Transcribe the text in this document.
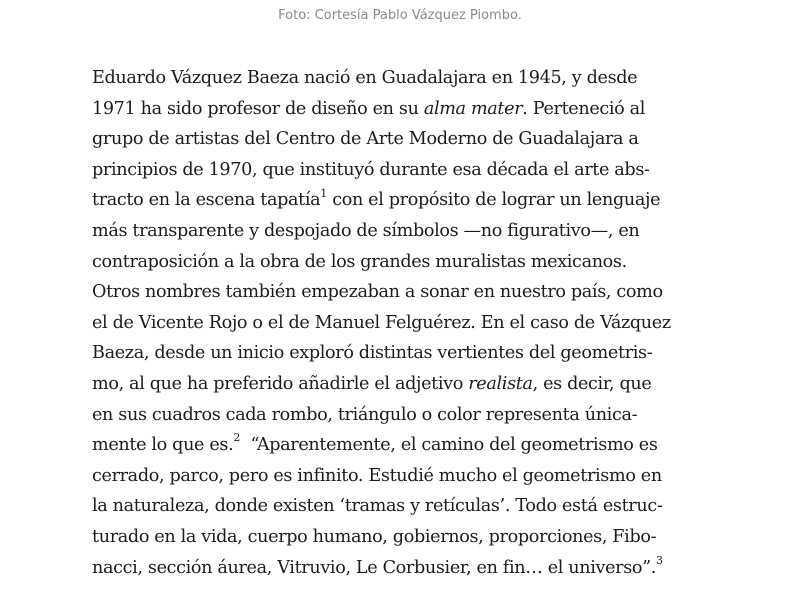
Foto: Cortesía Pablo Vázquez Piombo.
Eduardo Vázquez Baeza nació en Guadalajara en 1945, y desde
1971 ha sido profesor de diseño en su alma mater. Perteneció al
grupo de artistas del Centro de Arte Moderno de Guadalajara a
principios de 1970, que instituyó durante esa década el arte abs-
tracto en la escena tapatía$^1$ con el propósito de lograr un lenguaje
más transparente y despojado de símbolos —no figurativo—, en
contraposición a la obra de los grandes muralistas mexicanos.
Otros nombres también empezaban a sonar en nuestro país, como
el de Vicente Rojo o el de Manuel Felguérez. En el caso de Vázquez
Baeza, desde un inicio exploró distintas vertientes del geometris-
mo, al que ha preferido añadirle el adjetivo realista, es decir, que
en sus cuadros cada rombo, triángulo o color representa única-
mente lo que es.$^2$  “Aparentemente, el camino del geometrismo es
cerrado, parco, pero es infinito. Estudié mucho el geometrismo en
la naturaleza, donde existen ‘tramas y retículas’. Todo está estruc-
turado en la vida, cuerpo humano, gobiernos, proporciones, Fibo-
nacci, sección áurea, Vitruvio, Le Corbusier, en fin… el universo”.$^3$
